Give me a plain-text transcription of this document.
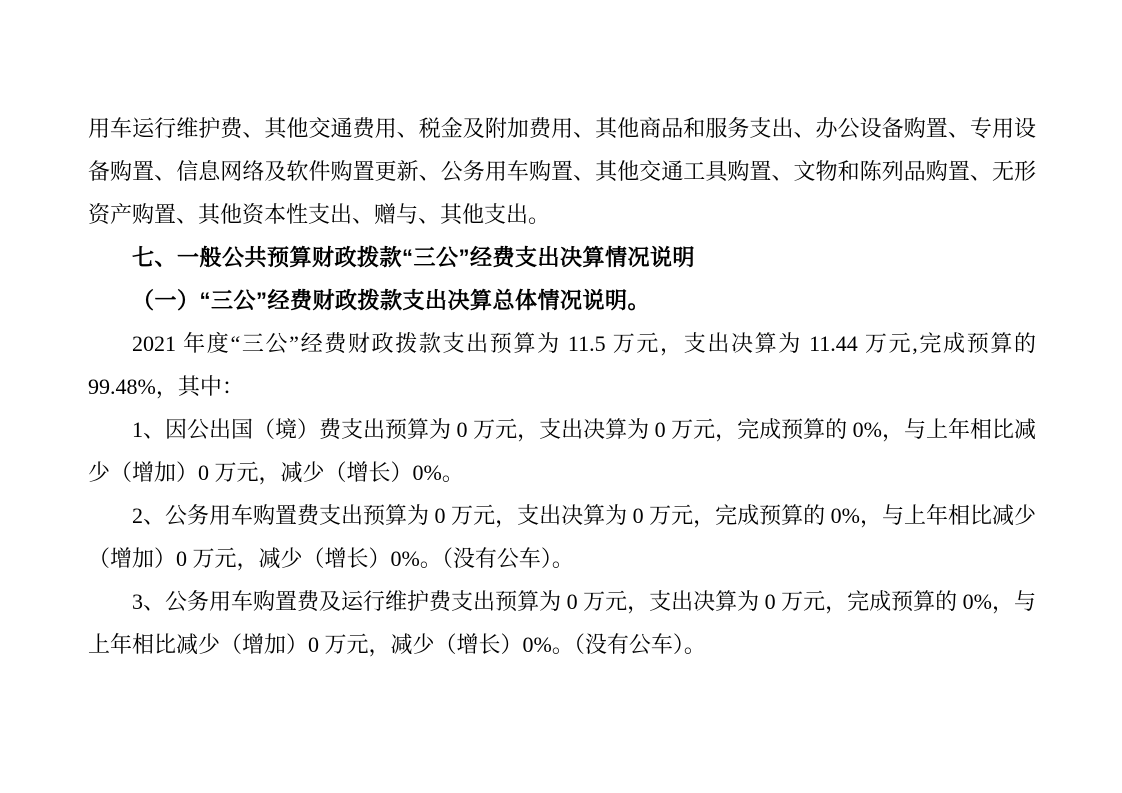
用车运行维护费、其他交通费用、税金及附加费用、其他商品和服务支出、办公设备购置、专用设
备购置、信息网络及软件购置更新、公务用车购置、其他交通工具购置、文物和陈列品购置、无形
资产购置、其他资本性支出、赠与、其他支出。
七、一般公共预算财政拨款“三公”经费支出决算情况说明
（一）“三公”经费财政拨款支出决算总体情况说明。
2021 年度“三公”经费财政拨款支出预算为 11.5 万元，支出决算为 11.44 万元,完成预算的
99.48%，其中：
1、因公出国（境）费支出预算为 0 万元，支出决算为 0 万元，完成预算的 0%，与上年相比减
少（增加）0 万元，减少（增长）0%。
2、公务用车购置费支出预算为 0 万元，支出决算为 0 万元，完成预算的 0%，与上年相比减少
（增加）0 万元，减少（增长）0%。（没有公车）。
3、公务用车购置费及运行维护费支出预算为 0 万元，支出决算为 0 万元，完成预算的 0%，与
上年相比减少（增加）0 万元，减少（增长）0%。（没有公车）。
